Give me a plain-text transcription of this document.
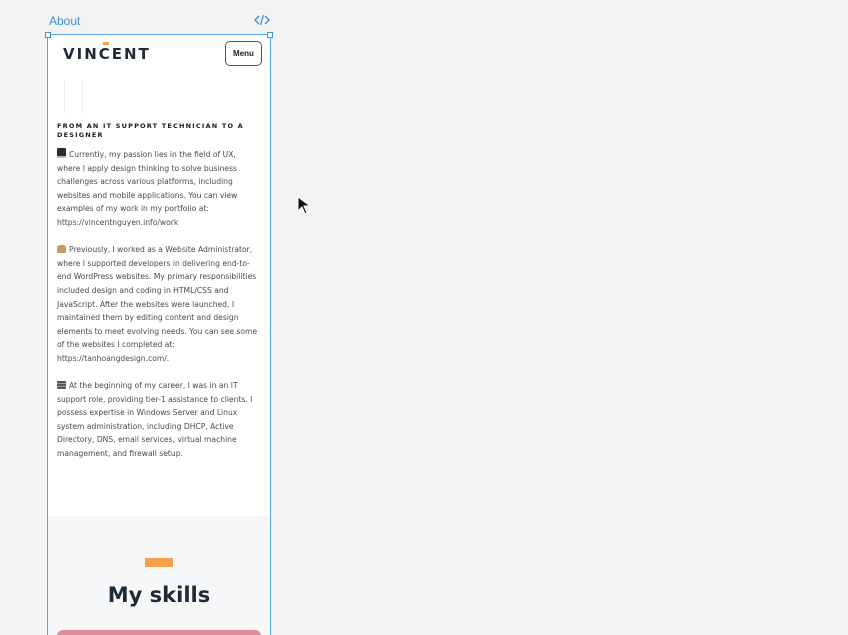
About
VINCENT	Menu
FROM AN IT SUPPORT TECHNICIAN TO A DESIGNER

Currently, my passion lies in the field of UX, where I apply design thinking to solve business challenges across various platforms, including websites and mobile applications. You can view examples of my work in my portfolio at: https://vincentnguyen.info/work

Previously, I worked as a Website Administrator, where I supported developers in delivering end-to-end WordPress websites. My primary responsibilities included design and coding in HTML/CSS and JavaScript. After the websites were launched, I maintained them by editing content and design elements to meet evolving needs. You can see some of the websites I completed at: https://tanhoangdesign.com/.

At the beginning of my career, I was in an IT support role, providing tier-1 assistance to clients. I possess expertise in Windows Server and Linux system administration, including DHCP, Active Directory, DNS, email services, virtual machine management, and firewall setup.

My skills
